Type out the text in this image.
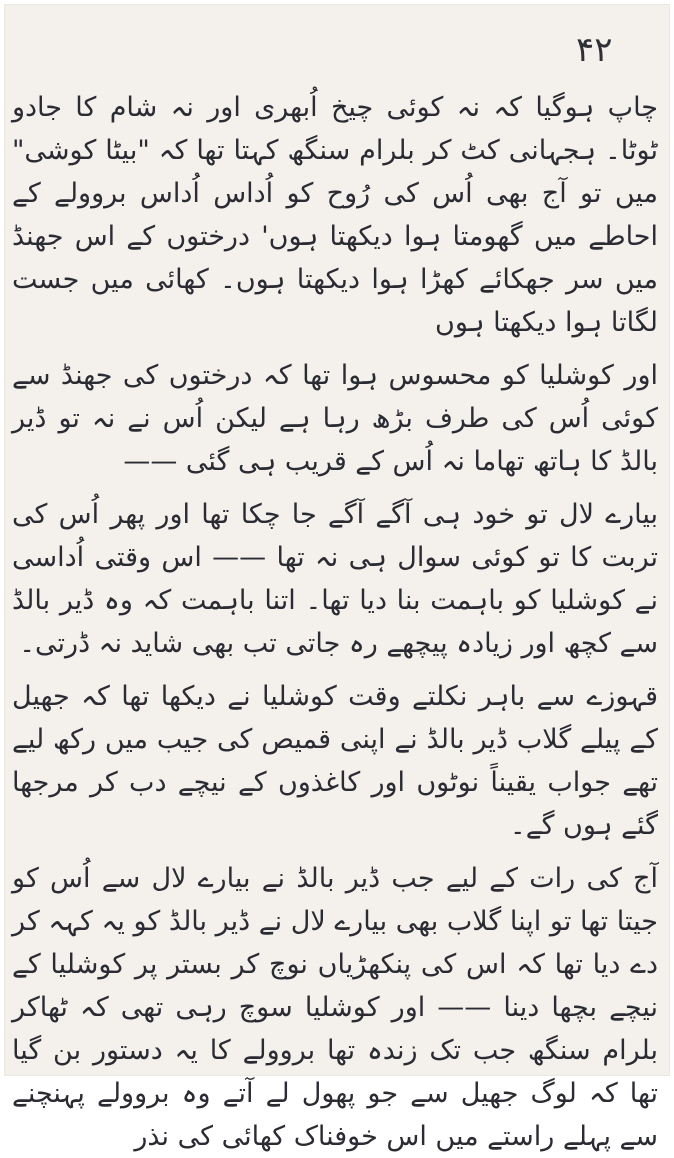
۴۲

چاپ ہوگیا کہ نہ کوئی چیخ اُبھری اور نہ شام کا جادو ٹوٹا۔ ہجہانی کٹ کر بلرام سنگھ کہتا تھا کہ "بیٹا کوشی" میں تو آج بھی اُس کی رُوح کو اُداس اُداس بروولے کے احاطے میں گھومتا ہوا دیکھتا ہوں' درختوں کے اس جھنڈ میں سر جھکائے کھڑا ہوا دیکھتا ہوں۔ کھائی میں جست لگاتا ہوا دیکھتا ہوں

اور کوشلیا کو محسوس ہوا تھا کہ درختوں کی جھنڈ سے کوئی اُس کی طرف بڑھ رہا ہے لیکن اُس نے نہ تو ڈیر بالڈ کا ہاتھ تھاما نہ اُس کے قریب ہی گئی ——

بیارے لال تو خود ہی آگے آگے جا چکا تھا اور پھر اُس کی تربت کا تو کوئی سوال ہی نہ تھا —— اس وقتی اُداسی نے کوشلیا کو باہمت بنا دیا تھا۔ اتنا باہمت کہ وہ ڈیر بالڈ سے کچھ اور زیادہ پیچھے رہ جاتی تب بھی شاید نہ ڈرتی۔

قہوزے سے باہر نکلتے وقت کوشلیا نے دیکھا تھا کہ جھیل کے پیلے گلاب ڈیر بالڈ نے اپنی قمیص کی جیب میں رکھ لیے تھے جواب یقیناً نوٹوں اور کاغذوں کے نیچے دب کر مرجھا گئے ہوں گے۔

آج کی رات کے لیے جب ڈیر بالڈ نے بیارے لال سے اُس کو جیتا تھا تو اپنا گلاب بھی بیارے لال نے ڈیر بالڈ کو یہ کہہ کر دے دیا تھا کہ اس کی پنکھڑیاں نوچ کر بستر پر کوشلیا کے نیچے بچھا دینا —— اور کوشلیا سوچ رہی تھی کہ ٹھاکر بلرام سنگھ جب تک زندہ تھا بروولے کا یہ دستور بن گیا تھا کہ لوگ جھیل سے جو پھول لے آتے وہ بروولے پہنچنے سے پہلے راستے میں اس خوفناک کھائی کی نذر
